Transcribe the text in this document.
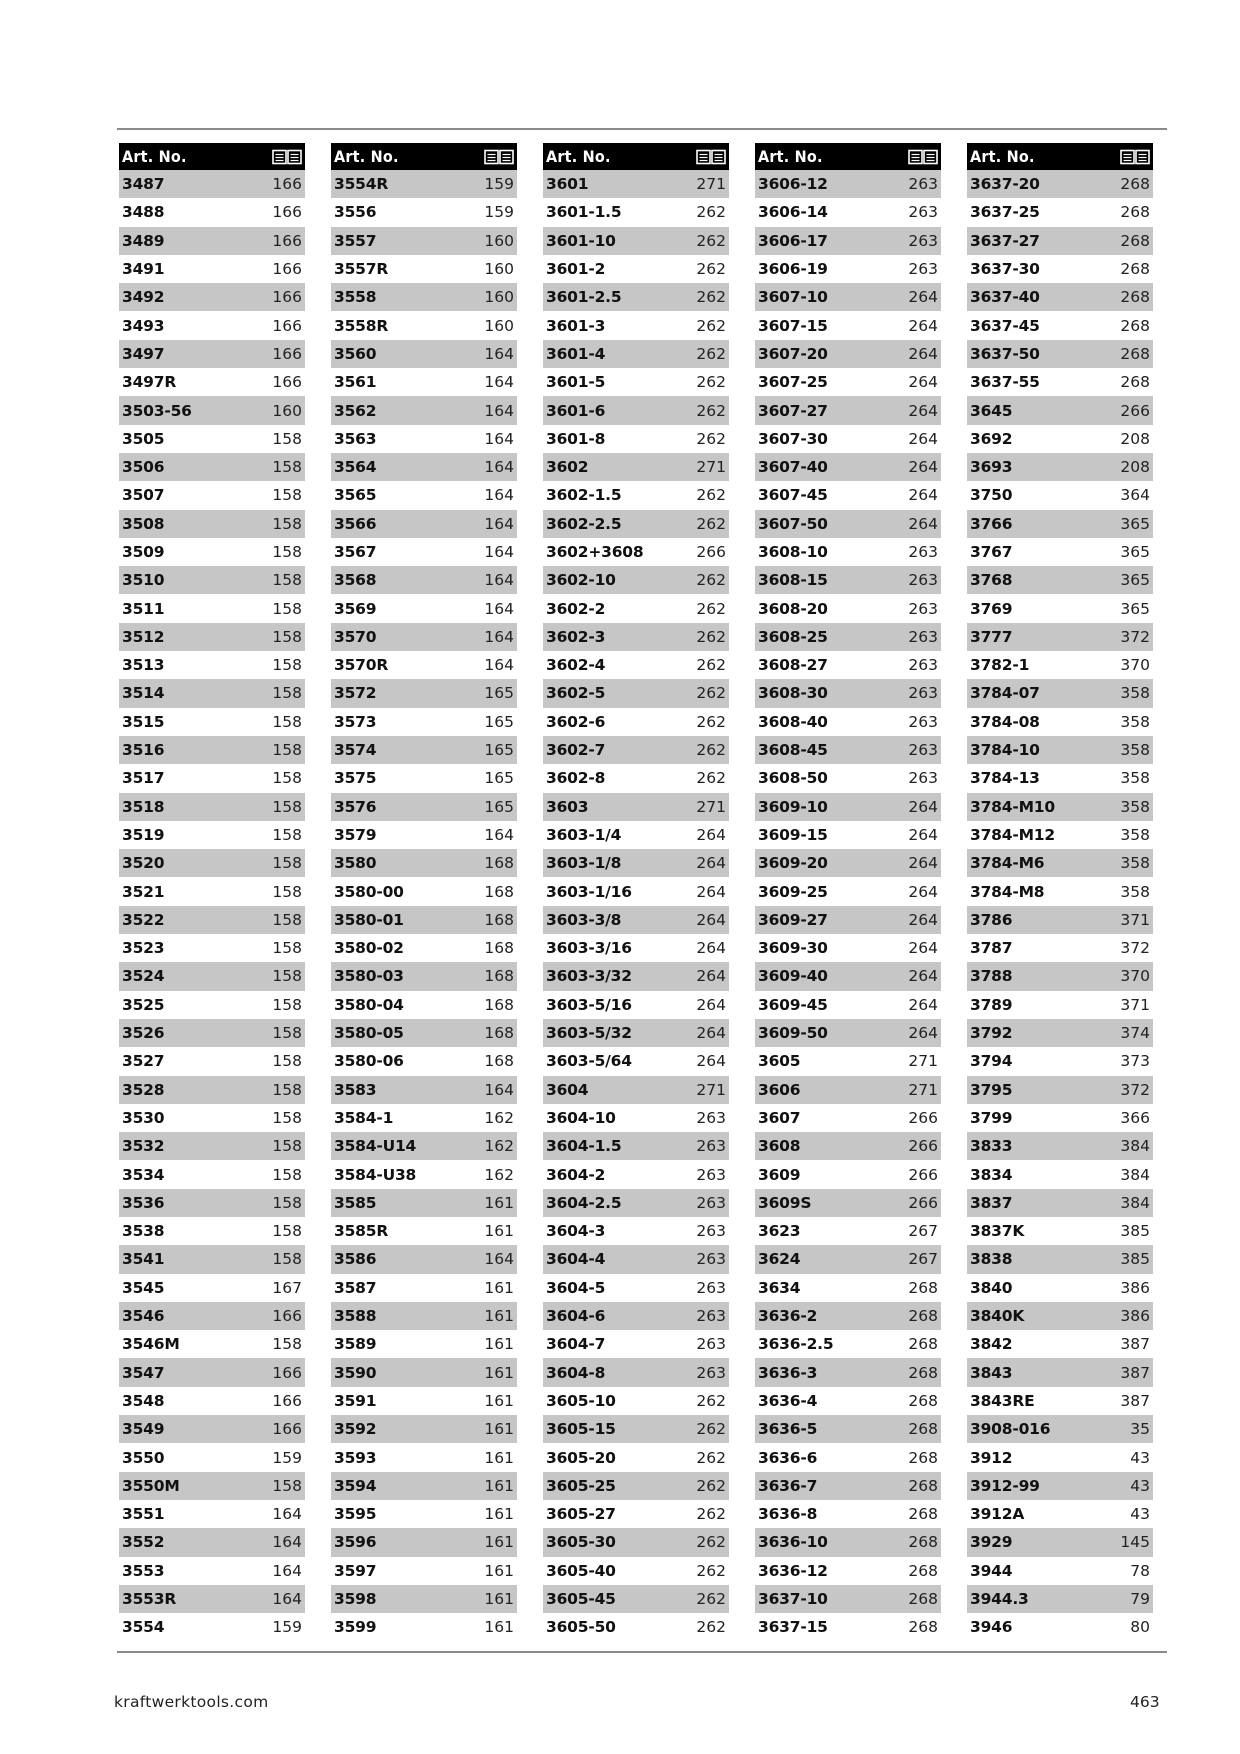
Art. No.
3487	166
3488	166
3489	166
3491	166
3492	166
3493	166
3497	166
3497R	166
3503-56	160
3505	158
3506	158
3507	158
3508	158
3509	158
3510	158
3511	158
3512	158
3513	158
3514	158
3515	158
3516	158
3517	158
3518	158
3519	158
3520	158
3521	158
3522	158
3523	158
3524	158
3525	158
3526	158
3527	158
3528	158
3530	158
3532	158
3534	158
3536	158
3538	158
3541	158
3545	167
3546	166
3546M	158
3547	166
3548	166
3549	166
3550	159
3550M	158
3551	164
3552	164
3553	164
3553R	164
3554	159
Art. No.
3554R	159
3556	159
3557	160
3557R	160
3558	160
3558R	160
3560	164
3561	164
3562	164
3563	164
3564	164
3565	164
3566	164
3567	164
3568	164
3569	164
3570	164
3570R	164
3572	165
3573	165
3574	165
3575	165
3576	165
3579	164
3580	168
3580-00	168
3580-01	168
3580-02	168
3580-03	168
3580-04	168
3580-05	168
3580-06	168
3583	164
3584-1	162
3584-U14	162
3584-U38	162
3585	161
3585R	161
3586	164
3587	161
3588	161
3589	161
3590	161
3591	161
3592	161
3593	161
3594	161
3595	161
3596	161
3597	161
3598	161
3599	161
Art. No.
3601	271
3601-1.5	262
3601-10	262
3601-2	262
3601-2.5	262
3601-3	262
3601-4	262
3601-5	262
3601-6	262
3601-8	262
3602	271
3602-1.5	262
3602-2.5	262
3602+3608	266
3602-10	262
3602-2	262
3602-3	262
3602-4	262
3602-5	262
3602-6	262
3602-7	262
3602-8	262
3603	271
3603-1/4	264
3603-1/8	264
3603-1/16	264
3603-3/8	264
3603-3/16	264
3603-3/32	264
3603-5/16	264
3603-5/32	264
3603-5/64	264
3604	271
3604-10	263
3604-1.5	263
3604-2	263
3604-2.5	263
3604-3	263
3604-4	263
3604-5	263
3604-6	263
3604-7	263
3604-8	263
3605-10	262
3605-15	262
3605-20	262
3605-25	262
3605-27	262
3605-30	262
3605-40	262
3605-45	262
3605-50	262
Art. No.
3606-12	263
3606-14	263
3606-17	263
3606-19	263
3607-10	264
3607-15	264
3607-20	264
3607-25	264
3607-27	264
3607-30	264
3607-40	264
3607-45	264
3607-50	264
3608-10	263
3608-15	263
3608-20	263
3608-25	263
3608-27	263
3608-30	263
3608-40	263
3608-45	263
3608-50	263
3609-10	264
3609-15	264
3609-20	264
3609-25	264
3609-27	264
3609-30	264
3609-40	264
3609-45	264
3609-50	264
3605	271
3606	271
3607	266
3608	266
3609	266
3609S	266
3623	267
3624	267
3634	268
3636-2	268
3636-2.5	268
3636-3	268
3636-4	268
3636-5	268
3636-6	268
3636-7	268
3636-8	268
3636-10	268
3636-12	268
3637-10	268
3637-15	268
Art. No.
3637-20	268
3637-25	268
3637-27	268
3637-30	268
3637-40	268
3637-45	268
3637-50	268
3637-55	268
3645	266
3692	208
3693	208
3750	364
3766	365
3767	365
3768	365
3769	365
3777	372
3782-1	370
3784-07	358
3784-08	358
3784-10	358
3784-13	358
3784-M10	358
3784-M12	358
3784-M6	358
3784-M8	358
3786	371
3787	372
3788	370
3789	371
3792	374
3794	373
3795	372
3799	366
3833	384
3834	384
3837	384
3837K	385
3838	385
3840	386
3840K	386
3842	387
3843	387
3843RE	387
3908-016	35
3912	43
3912-99	43
3912A	43
3929	145
3944	78
3944.3	79
3946	80
kraftwerktools.com	463
